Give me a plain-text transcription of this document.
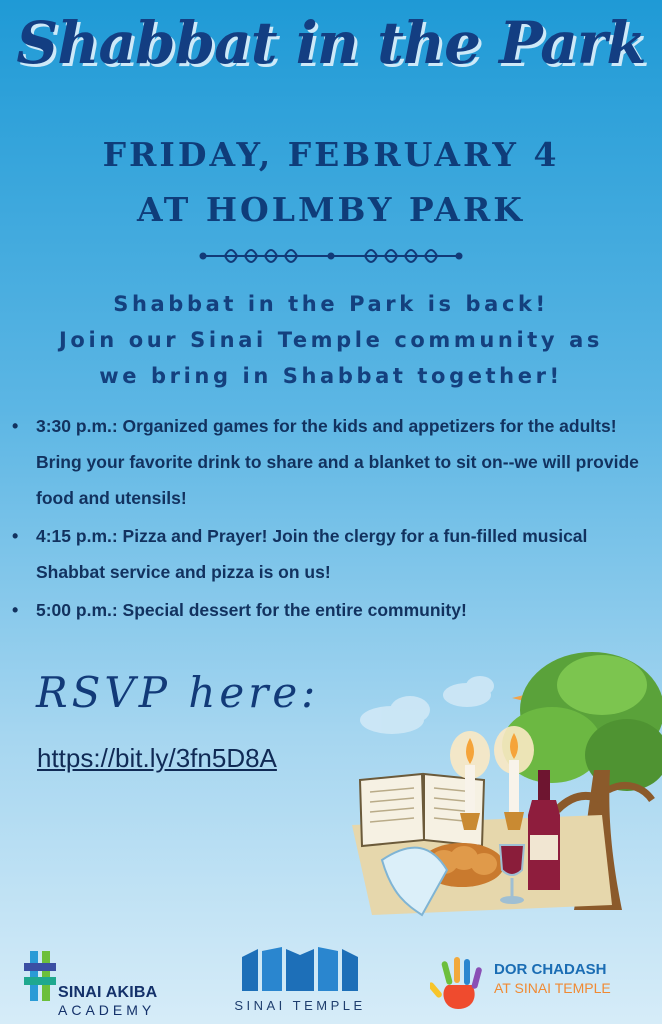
Shabbat in the Park
FRIDAY, FEBRUARY 4
AT HOLMBY PARK
Shabbat in the Park is back!
Join our Sinai Temple community as
we bring in Shabbat together!
• 3:30 p.m.: Organized games for the kids and appetizers for the adults! Bring your favorite drink to share and a blanket to sit on--we will provide food and utensils!
• 4:15 p.m.: Pizza and Prayer! Join the clergy for a fun-filled musical Shabbat service and pizza is on us!
• 5:00 p.m.: Special dessert for the entire community!
RSVP here:
https://bit.ly/3fn5D8A
SINAI AKIBA
ACADEMY	SINAI TEMPLE
DOR CHADASH
AT SINAI TEMPLE
